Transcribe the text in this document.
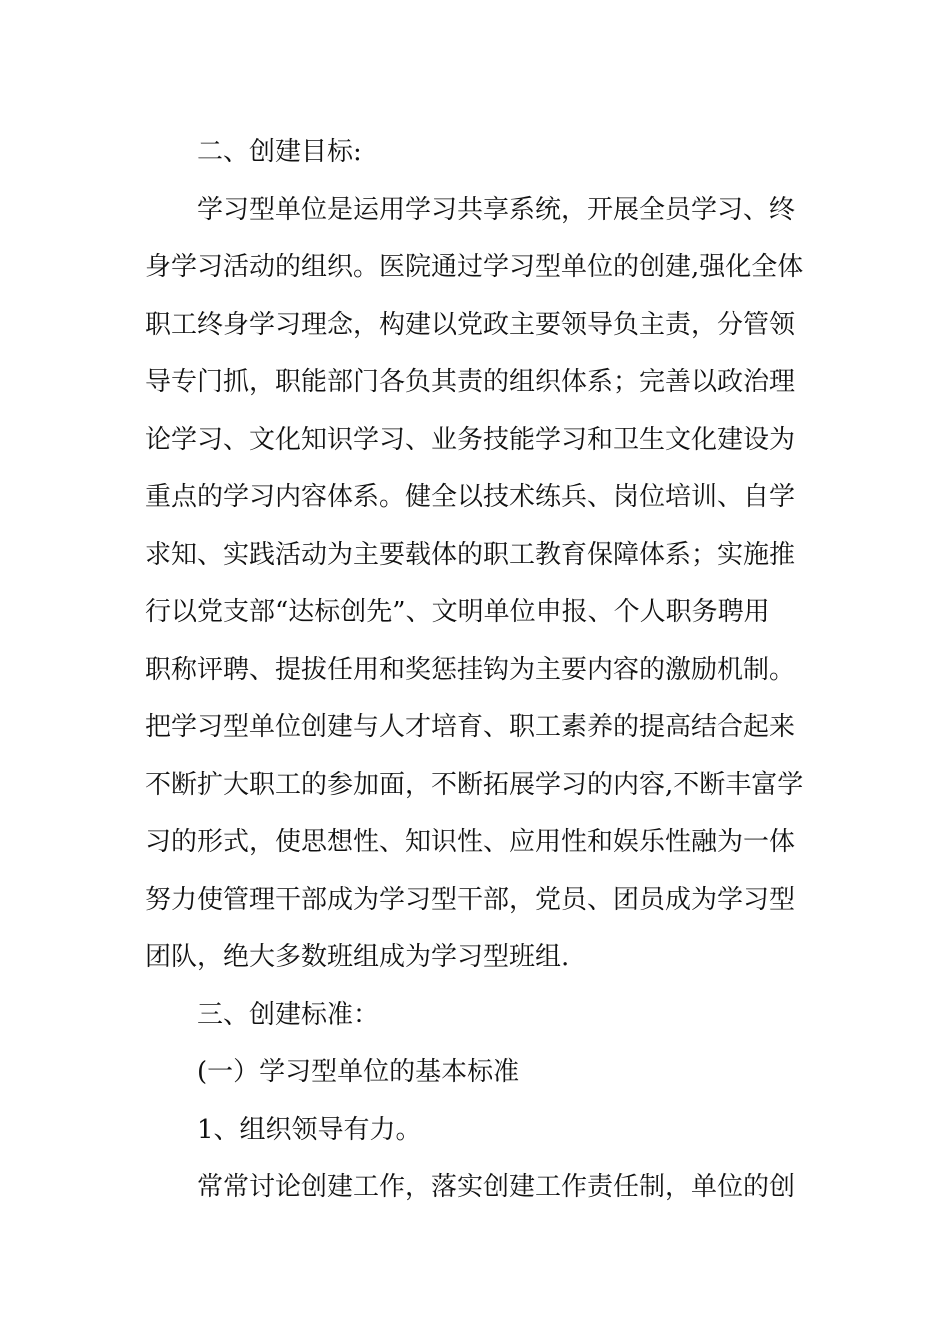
二、创建目标:
学习型单位是运用学习共享系统，开展全员学习、终
身学习活动的组织。医院通过学习型单位的创建,强化全体
职工终身学习理念，构建以党政主要领导负主责，分管领
导专门抓，职能部门各负其责的组织体系；完善以政治理
论学习、文化知识学习、业务技能学习和卫生文化建设为
重点的学习内容体系。健全以技术练兵、岗位培训、自学
求知、实践活动为主要载体的职工教育保障体系；实施推
行以党支部“达标创先”、文明单位申报、个人职务聘用
职称评聘、提拔任用和奖惩挂钩为主要内容的激励机制。
把学习型单位创建与人才培育、职工素养的提高结合起来
不断扩大职工的参加面，不断拓展学习的内容,不断丰富学
习的形式，使思想性、知识性、应用性和娱乐性融为一体
努力使管理干部成为学习型干部，党员、团员成为学习型
团队，绝大多数班组成为学习型班组.
三、创建标准：
(一）学习型单位的基本标准
1、组织领导有力。
常常讨论创建工作，落实创建工作责任制，单位的创
